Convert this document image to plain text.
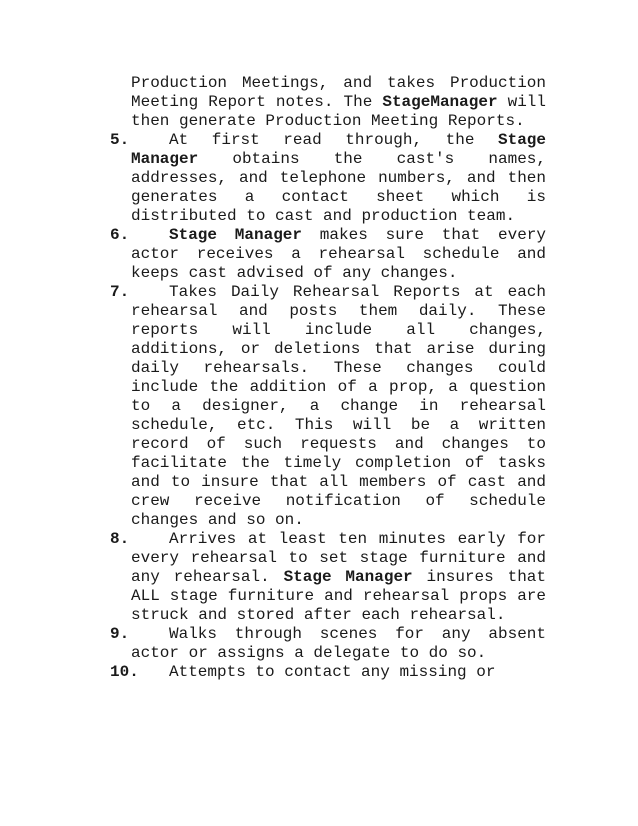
Production Meetings, and takes Production Meeting Report notes. The StageManager will then generate Production Meeting Reports.

5. At first read through, the Stage Manager obtains the cast's names, addresses, and telephone numbers, and then generates a contact sheet which is distributed to cast and production team.

6. Stage Manager makes sure that every actor receives a rehearsal schedule and keeps cast advised of any changes.

7. Takes Daily Rehearsal Reports at each rehearsal and posts them daily. These reports will include all changes, additions, or deletions that arise during daily rehearsals. These changes could include the addition of a prop, a question to a designer, a change in rehearsal schedule, etc. This will be a written record of such requests and changes to facilitate the timely completion of tasks and to insure that all members of cast and crew receive notification of schedule changes and so on.

8. Arrives at least ten minutes early for every rehearsal to set stage furniture and any rehearsal. Stage Manager insures that ALL stage furniture and rehearsal props are struck and stored after each rehearsal.

9. Walks through scenes for any absent actor or assigns a delegate to do so.

10. Attempts to contact any missing or
